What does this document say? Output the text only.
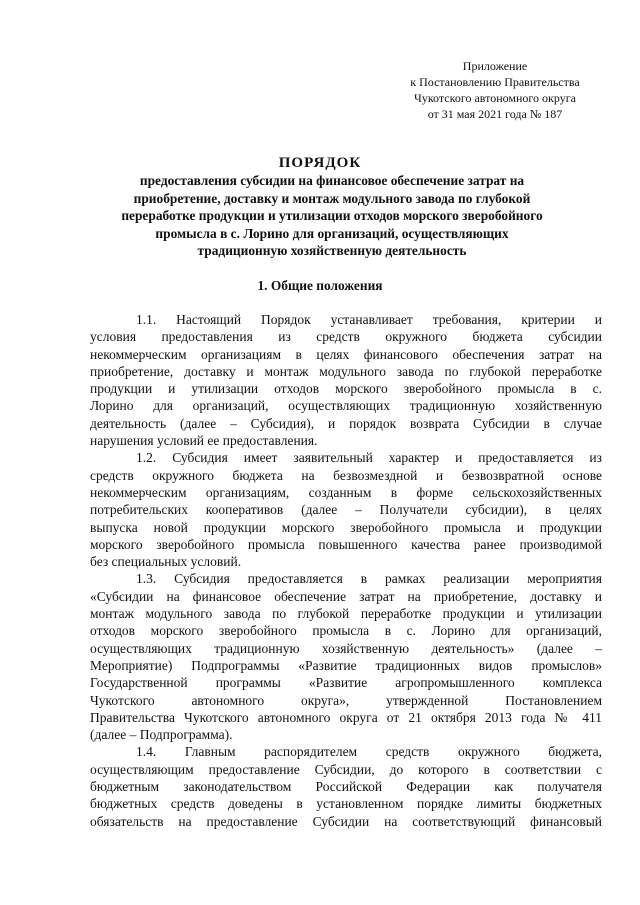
Приложение
к Постановлению Правительства
Чукотского автономного округа
от 31 мая 2021 года № 187
ПОРЯДОК
предоставления субсидии на финансовое обеспечение затрат на
приобретение, доставку и монтаж модульного завода по глубокой
переработке продукции и утилизации отходов морского зверобойного
промысла в с. Лорино для организаций, осуществляющих
традиционную хозяйственную деятельность
1. Общие положения
1.1. Настоящий Порядок устанавливает требования, критерии и
условия предоставления из средств окружного бюджета субсидии
некоммерческим организациям в целях финансового обеспечения затрат на
приобретение, доставку и монтаж модульного завода по глубокой переработке
продукции и утилизации отходов морского зверобойного промысла в с.
Лорино для организаций, осуществляющих традиционную хозяйственную
деятельность (далее – Субсидия), и порядок возврата Субсидии в случае
нарушения условий ее предоставления.
1.2. Субсидия имеет заявительный характер и предоставляется из
средств окружного бюджета на безвозмездной и безвозвратной основе
некоммерческим организациям, созданным в форме сельскохозяйственных
потребительских кооперативов (далее – Получатели субсидии), в целях
выпуска новой продукции морского зверобойного промысла и продукции
морского зверобойного промысла повышенного качества ранее производимой
без специальных условий.
1.3. Субсидия предоставляется в рамках реализации мероприятия
«Субсидии на финансовое обеспечение затрат на приобретение, доставку и
монтаж модульного завода по глубокой переработке продукции и утилизации
отходов морского зверобойного промысла в с. Лорино для организаций,
осуществляющих традиционную хозяйственную деятельность» (далее –
Мероприятие) Подпрограммы «Развитие традиционных видов промыслов»
Государственной программы «Развитие агропромышленного комплекса
Чукотского автономного округа», утвержденной Постановлением
Правительства Чукотского автономного округа от 21 октября 2013 года № 411
(далее – Подпрограмма).
1.4. Главным распорядителем средств окружного бюджета,
осуществляющим предоставление Субсидии, до которого в соответствии с
бюджетным законодательством Российской Федерации как получателя
бюджетных средств доведены в установленном порядке лимиты бюджетных
обязательств на предоставление Субсидии на соответствующий финансовый
